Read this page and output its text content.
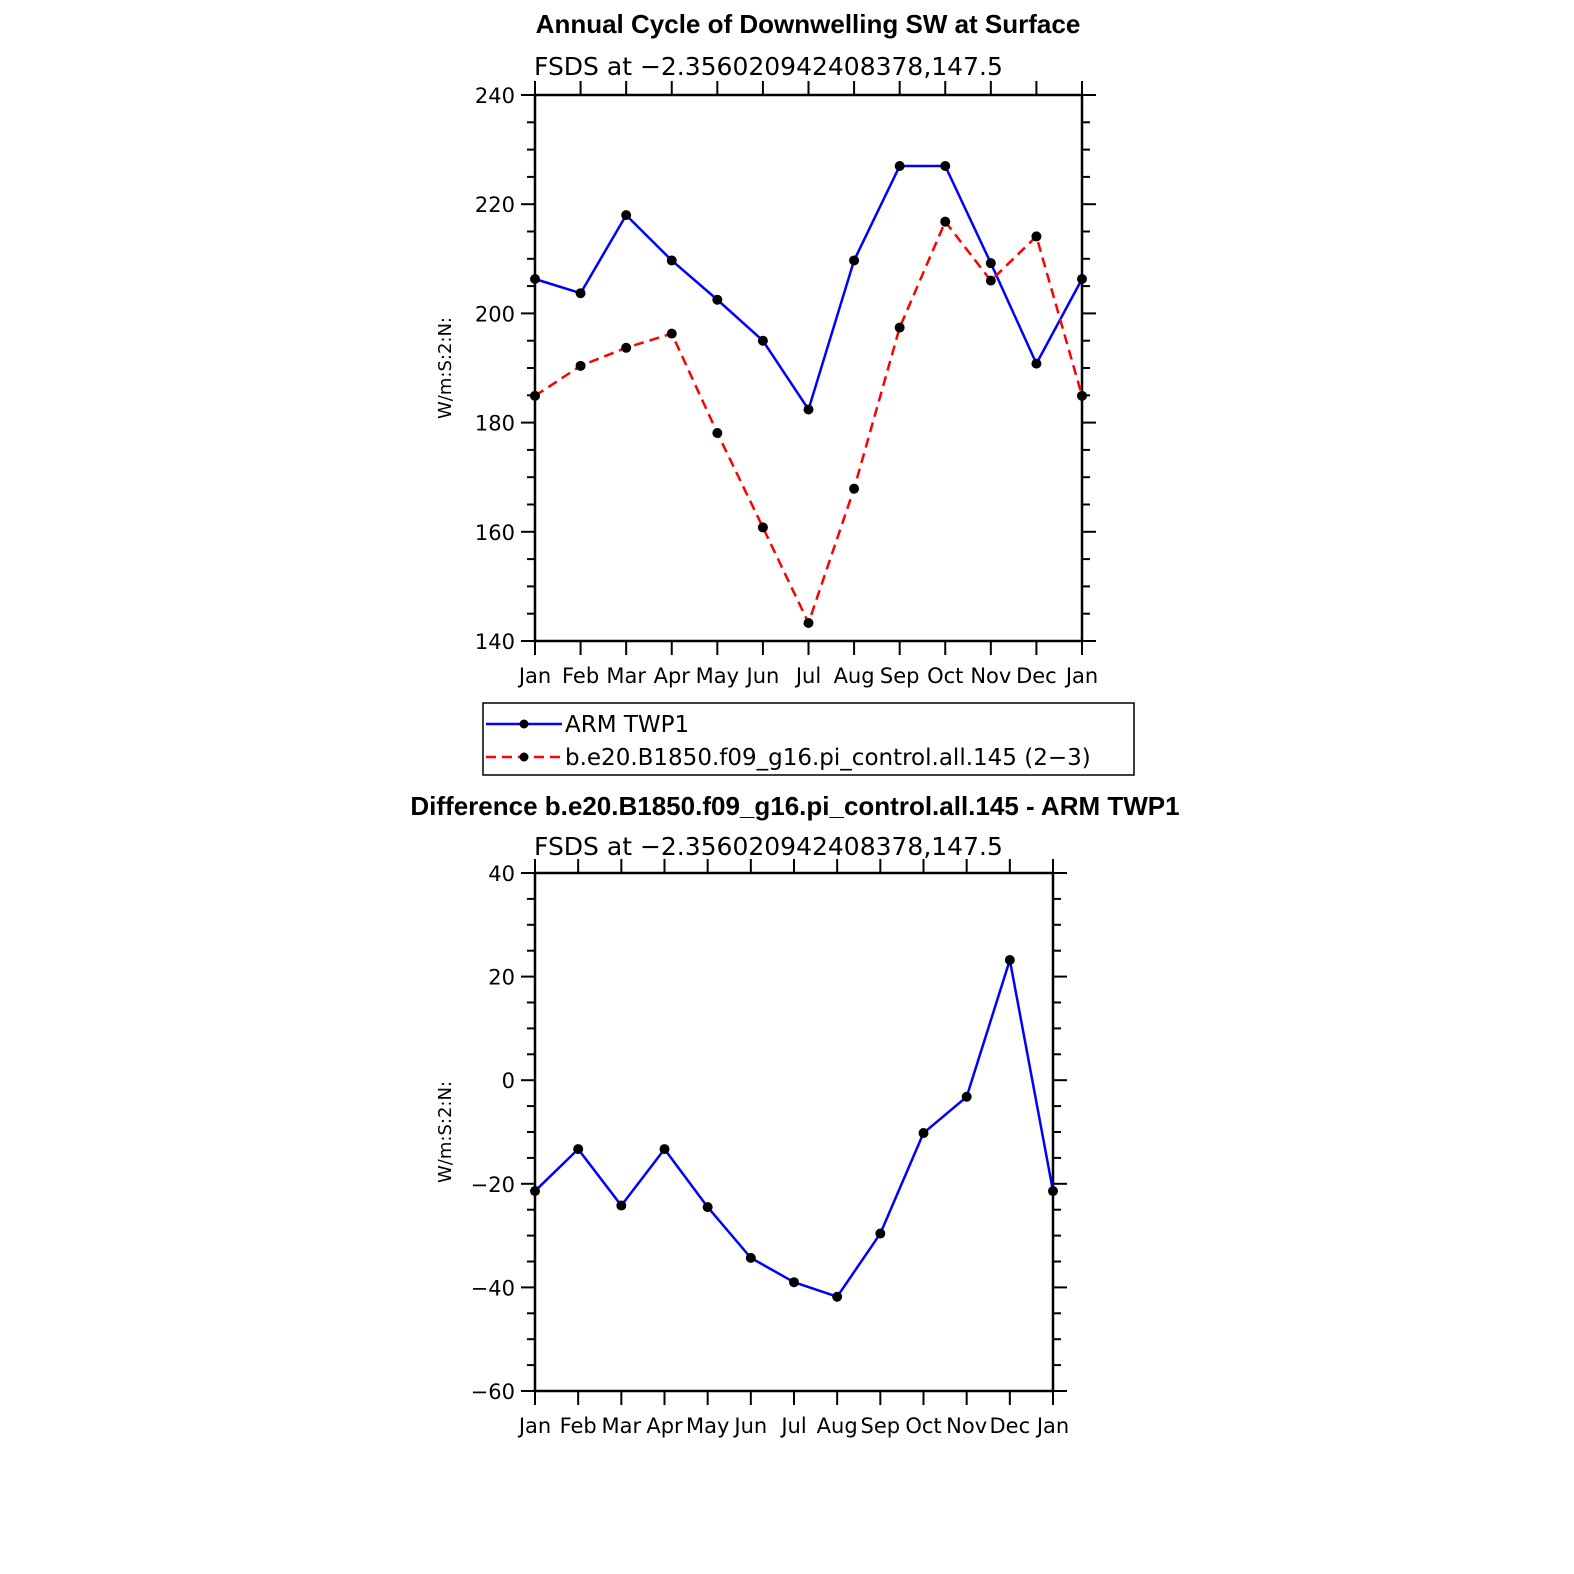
Annual Cycle of Downwelling SW at Surface
FSDS at −2.356020942408378,147.5
W/m:S:2:N:
240
220
200
180
160
140
Jan Feb Mar Apr May Jun Jul Aug Sep Oct Nov Dec Jan
ARM TWP1
b.e20.B1850.f09_g16.pi_control.all.145 (2−3)
Difference b.e20.B1850.f09_g16.pi_control.all.145 - ARM TWP1
FSDS at −2.356020942408378,147.5
W/m:S:2:N:
40
20
0
−20
−40
−60
Jan Feb Mar Apr May Jun Jul Aug Sep Oct Nov Dec Jan
